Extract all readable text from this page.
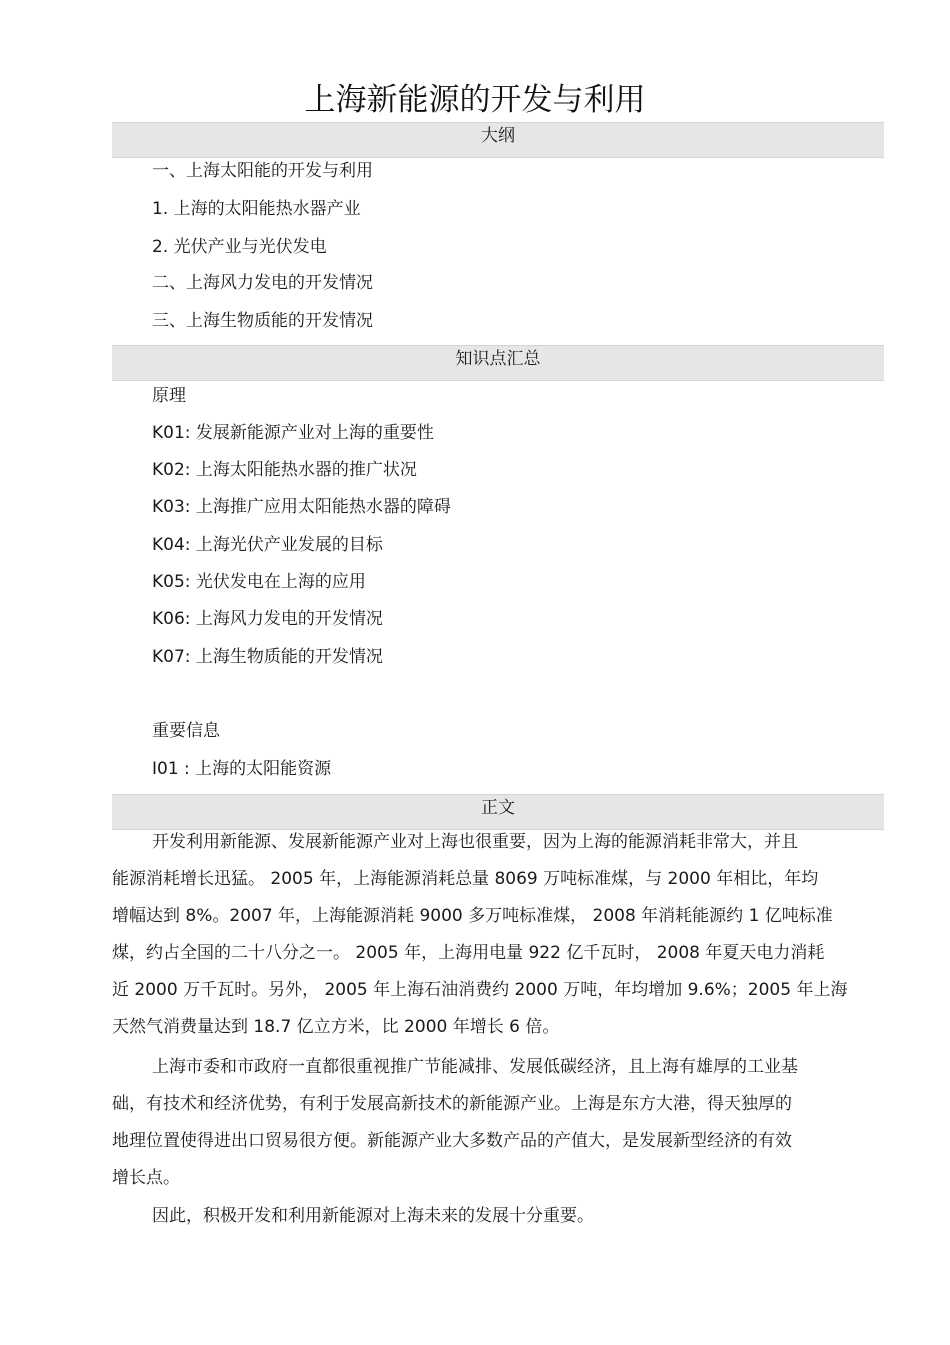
上海新能源的开发与利用
大纲
一、上海太阳能的开发与利用
1. 上海的太阳能热水器产业
2. 光伏产业与光伏发电
二、上海风力发电的开发情况
三、上海生物质能的开发情况
知识点汇总
原理
K01: 发展新能源产业对上海的重要性
K02: 上海太阳能热水器的推广状况
K03: 上海推广应用太阳能热水器的障碍
K04: 上海光伏产业发展的目标
K05: 光伏发电在上海的应用
K06: 上海风力发电的开发情况
K07: 上海生物质能的开发情况
重要信息
I01 : 上海的太阳能资源
正文
开发利用新能源、发展新能源产业对上海也很重要，因为上海的能源消耗非常大，并且
能源消耗增长迅猛。 2005 年，上海能源消耗总量 8069 万吨标准煤，与 2000 年相比，年均
增幅达到 8%。2007 年，上海能源消耗 9000 多万吨标准煤， 2008 年消耗能源约 1 亿吨标准
煤，约占全国的二十八分之一。 2005 年，上海用电量 922 亿千瓦时， 2008 年夏天电力消耗
近 2000 万千瓦时。另外， 2005 年上海石油消费约 2000 万吨，年均增加 9.6%；2005 年上海
天然气消费量达到 18.7 亿立方米，比 2000 年增长 6 倍。
上海市委和市政府一直都很重视推广节能减排、发展低碳经济，且上海有雄厚的工业基
础，有技术和经济优势，有利于发展高新技术的新能源产业。上海是东方大港，得天独厚的
地理位置使得进出口贸易很方便。新能源产业大多数产品的产值大，是发展新型经济的有效
增长点。
因此，积极开发和利用新能源对上海未来的发展十分重要。
